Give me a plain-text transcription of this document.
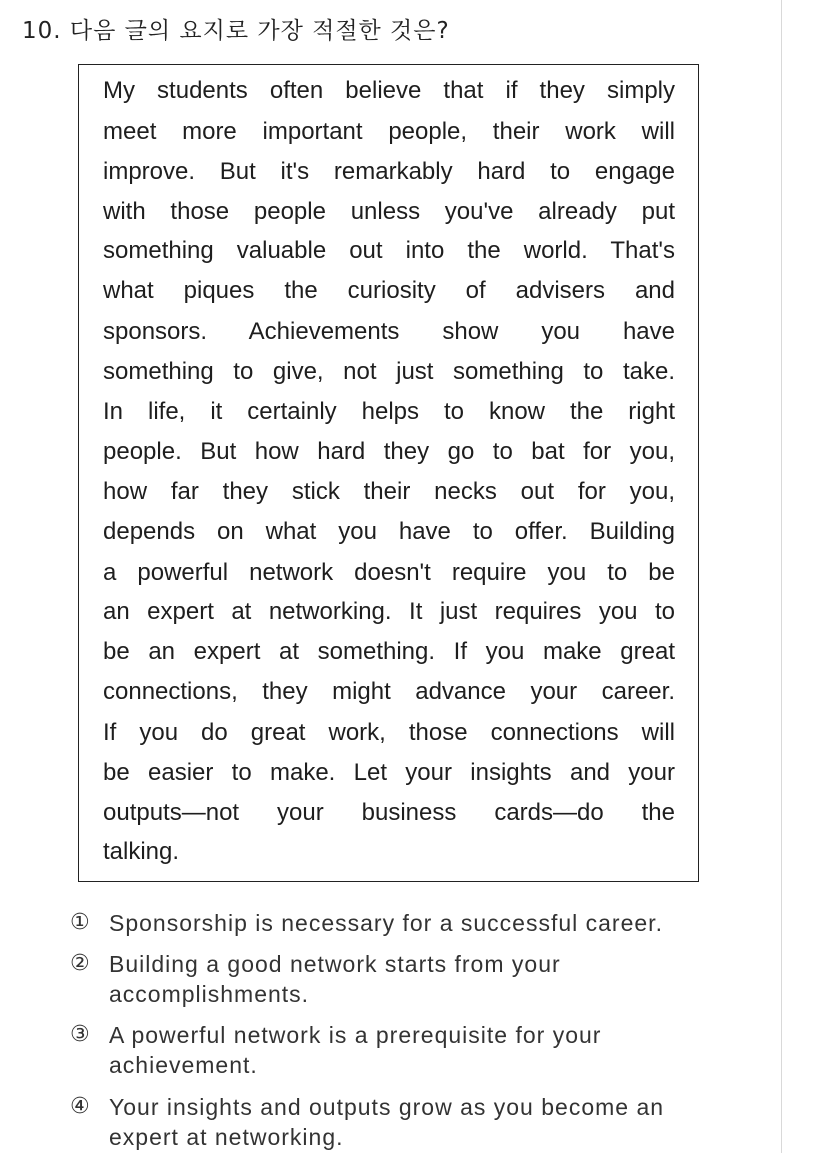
10. 다음 글의 요지로 가장 적절한 것은?
My students often believe that if they simply
meet more important people, their work will
improve. But it's remarkably hard to engage
with those people unless you've already put
something valuable out into the world. That's
what piques the curiosity of advisers and
sponsors. Achievements show you have
something to give, not just something to take.
In life, it certainly helps to know the right
people. But how hard they go to bat for you,
how far they stick their necks out for you,
depends on what you have to offer. Building
a powerful network doesn't require you to be
an expert at networking. It just requires you to
be an expert at something. If you make great
connections, they might advance your career.
If you do great work, those connections will
be easier to make. Let your insights and your
outputs—not your business cards—do the
talking.
① Sponsorship is necessary for a successful career.
② Building a good network starts from your
accomplishments.
③ A powerful network is a prerequisite for your
achievement.
④ Your insights and outputs grow as you become an
expert at networking.
